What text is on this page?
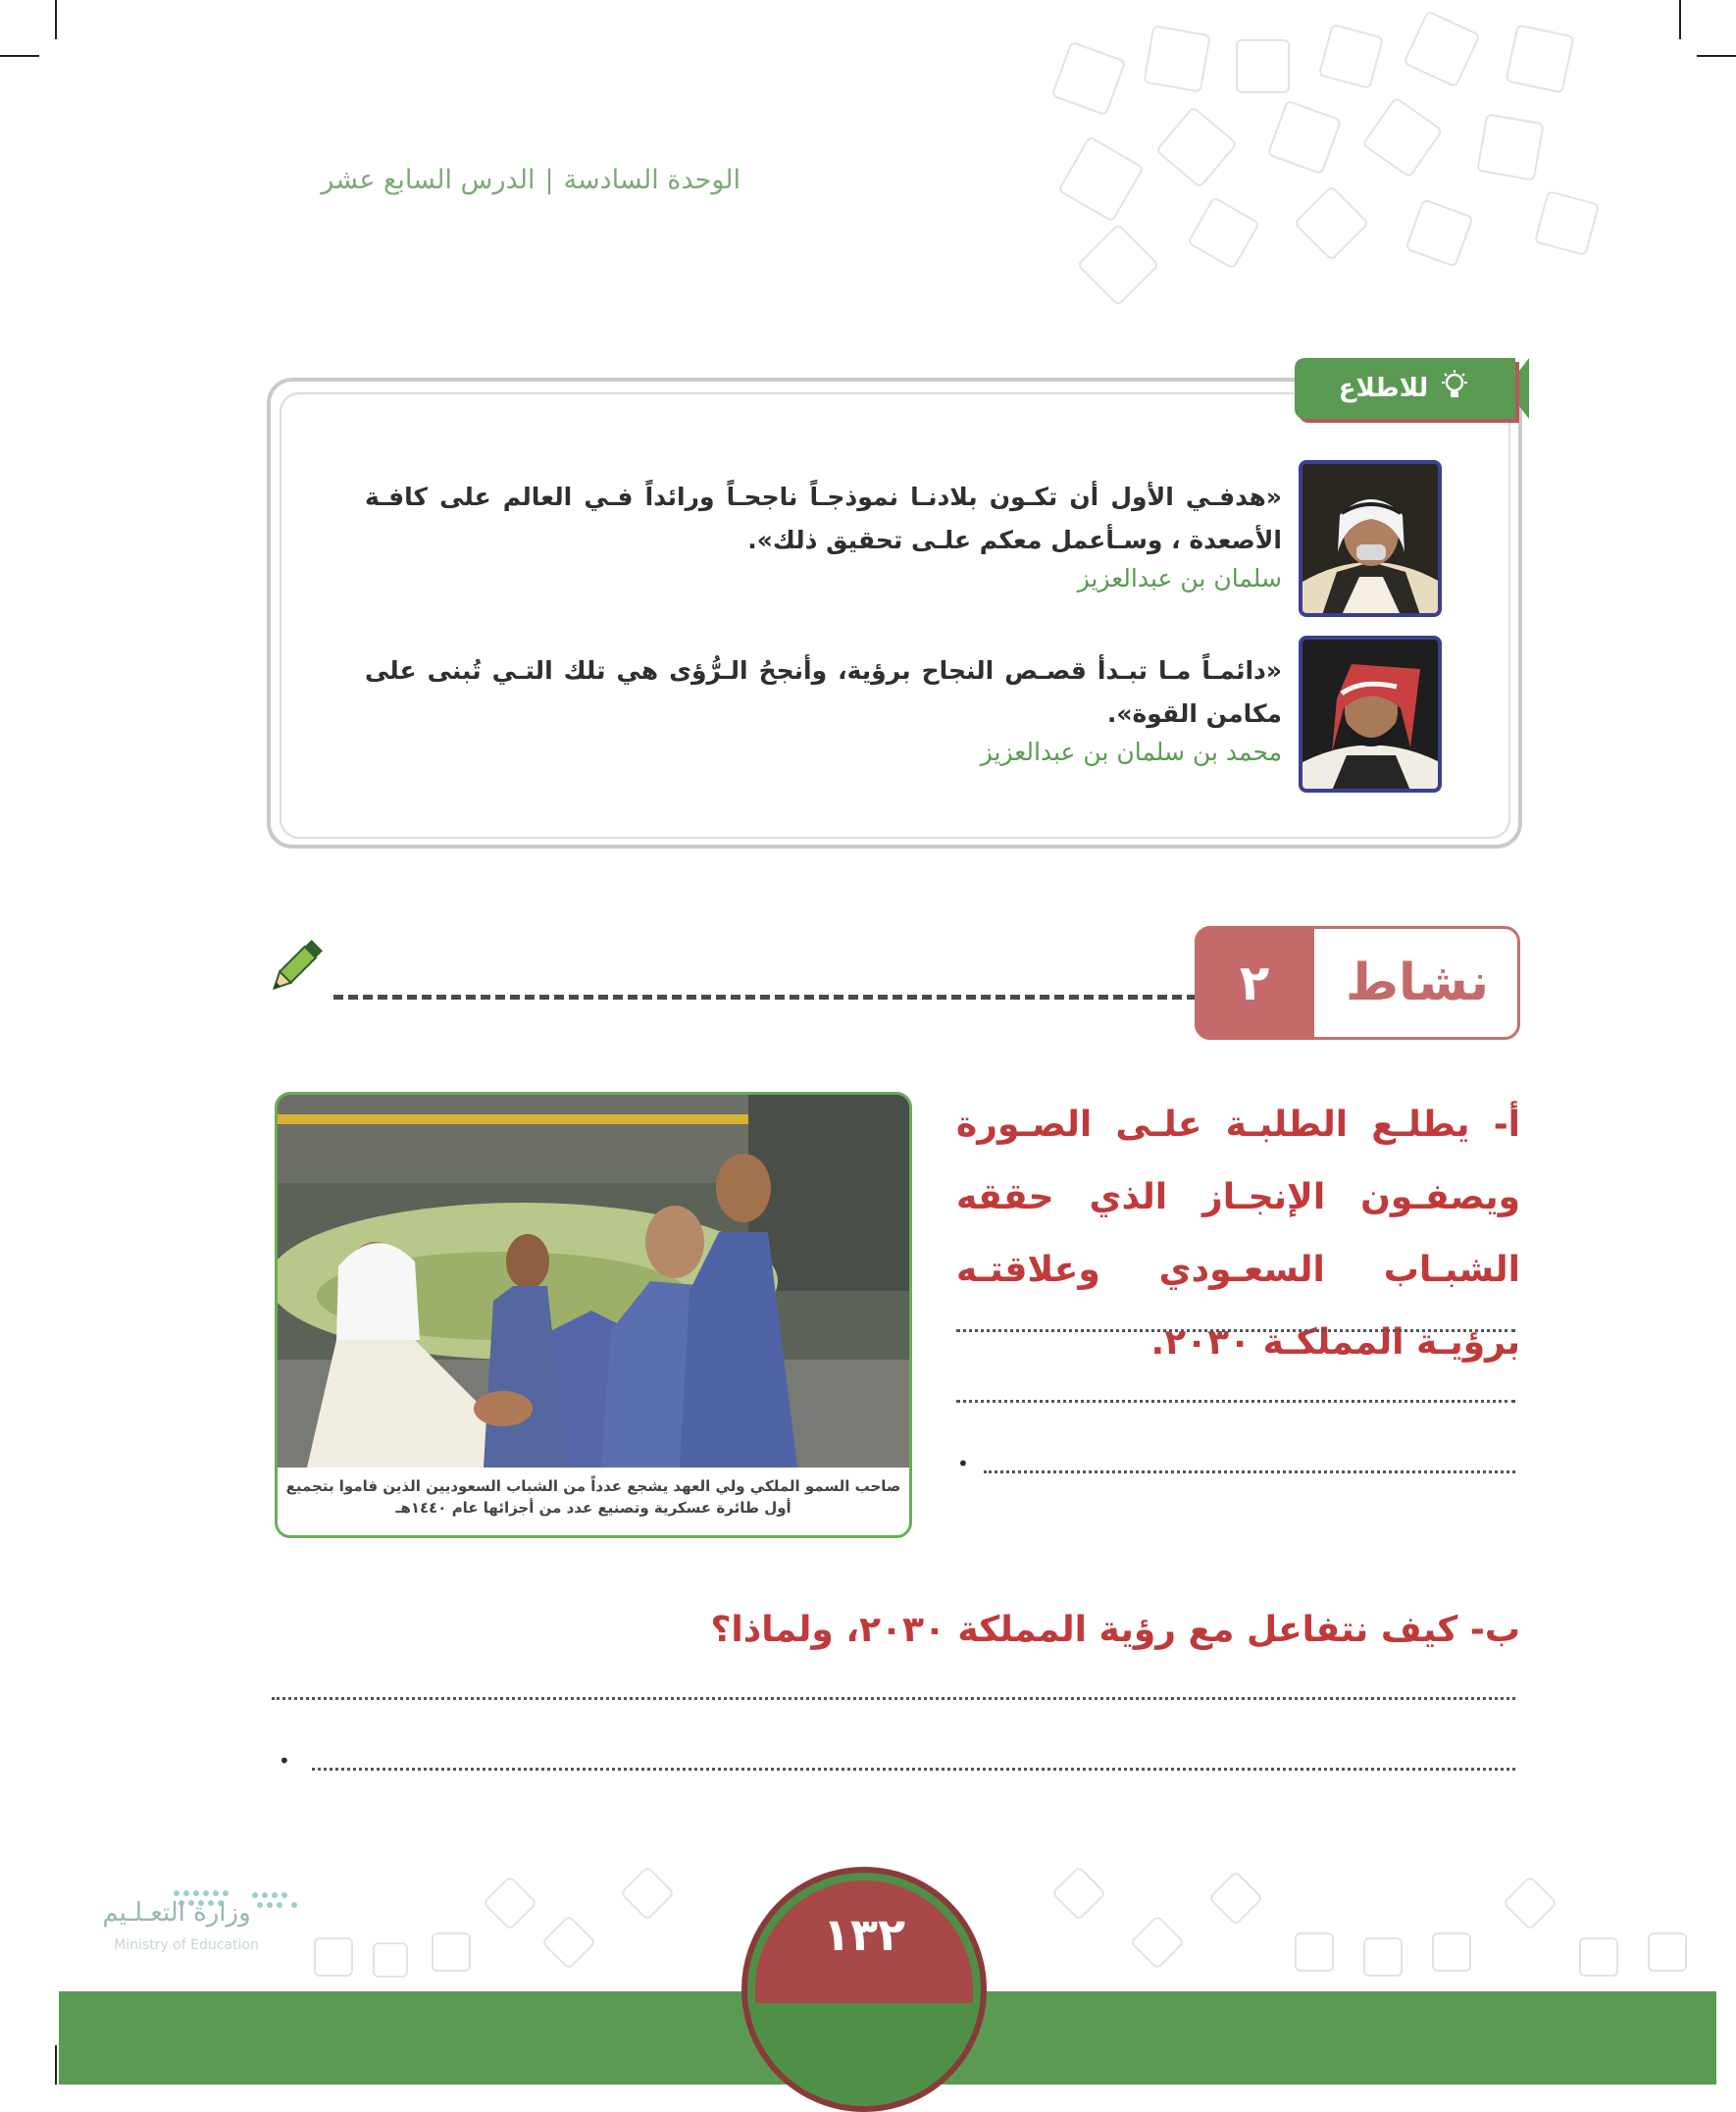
الوحدة السادسة|الدرس السابع عشر
للاطلاع
«هدفـي الأول أن تكـون بلادنـا نموذجـاً ناجحـاً ورائداً فـي العالم على كافـة الأصعدة ، وسـأعمل معكم علـى تحقيق ذلك».
سلمان بن عبدالعزيز
«دائمـاً مـا تبـدأ قصـص النجاح برؤية، وأنجحُ الـرُّؤى هي تلك التـي تُبنى على مكامن القوة».
محمد بن سلمان بن عبدالعزيز
٢	نشاط
صاحب السمو الملكي ولي العهد يشجع عدداً من الشباب السعوديين الذين قاموا بتجميع أول طائرة عسكرية وتصنيع عدد من أجزائها عام ١٤٤٠هـ
أ- يطلـع الطلبـة علـى الصـورة ويصفـون الإنجـاز الذي حققه الشبـاب السعـودي وعلاقتـه برؤيـة المملكـة ٢٠٣٠.
•
ب- كيف نتفاعل مع رؤية المملكة ٢٠٣٠، ولماذا؟
•
وزارة التعـلـيم
Ministry of Education	١٣٢
